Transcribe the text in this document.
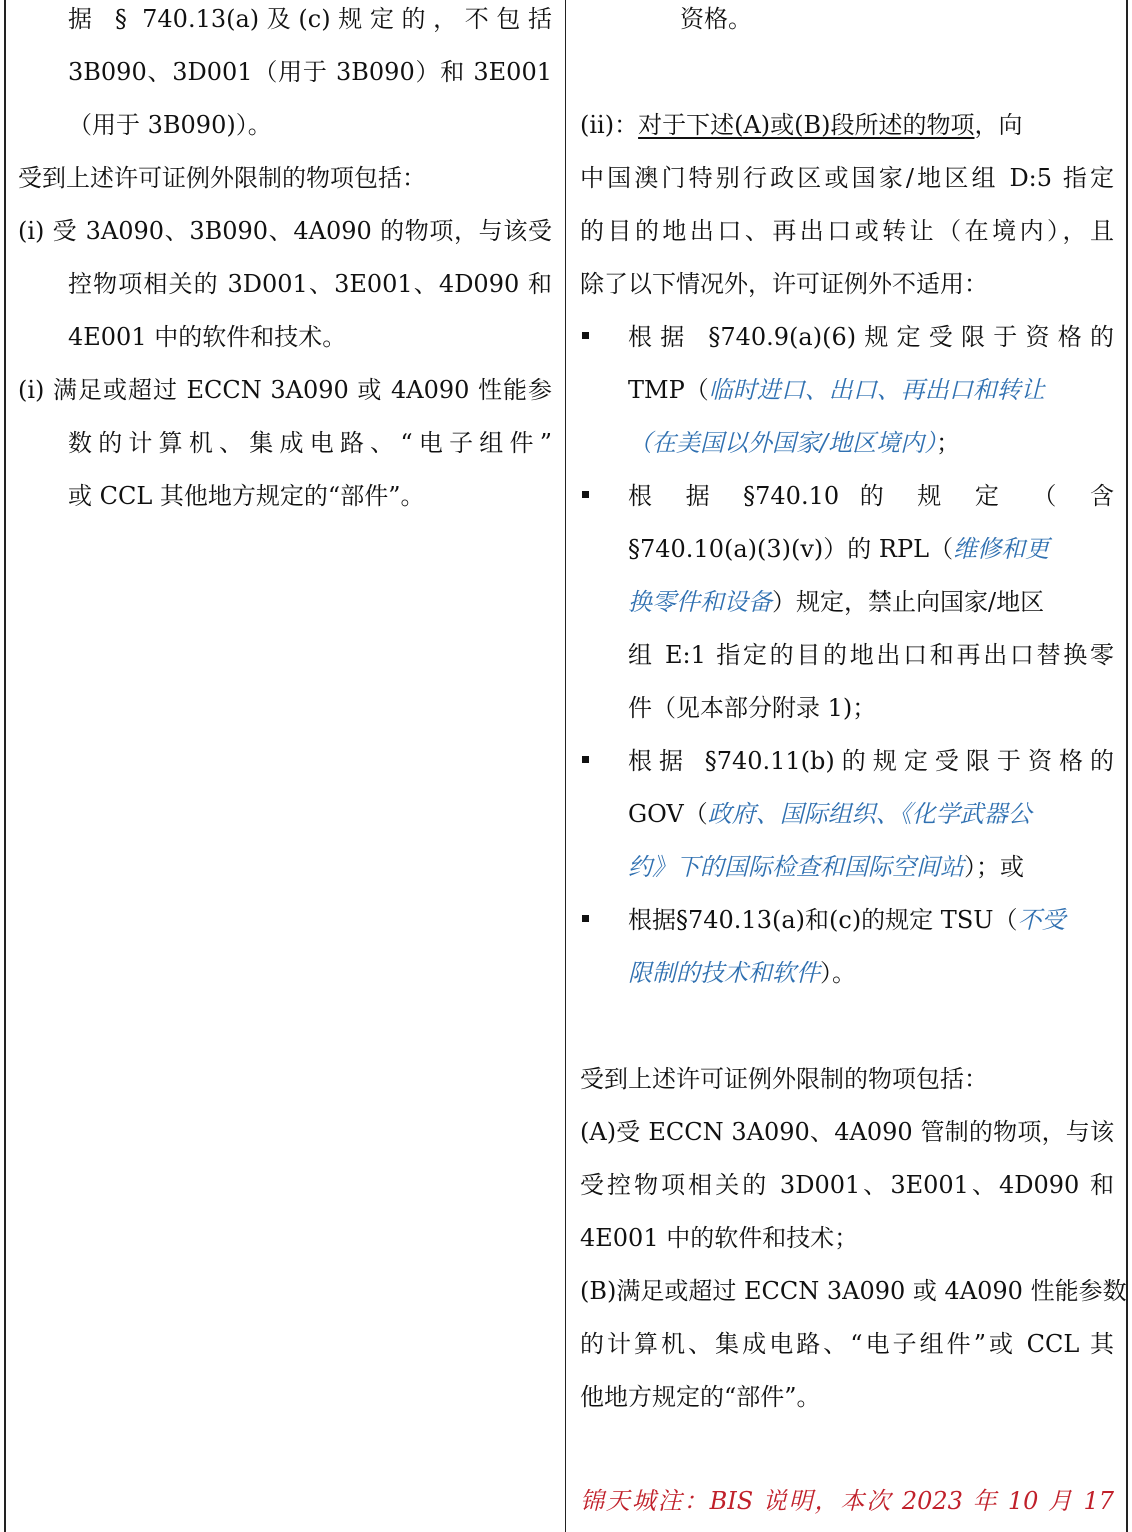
据 § 740.13(a)及(c)规定的，不包括
3B090、3D001（用于 3B090）和 3E001
（用于 3B090)）。
受到上述许可证例外限制的物项包括：
(i) 受 3A090、3B090、4A090 的物项，与该受
控物项相关的 3D001、3E001、4D090 和
4E001 中的软件和技术。
(i) 满足或超过 ECCN 3A090 或 4A090 性能参
数的计算机、集成电路、“电子组件”
或 CCL 其他地方规定的“部件”。
资格。
(ii)：对于下述(A)或(B)段所述的物项，向
中国澳门特别行政区或国家/地区组 D:5 指定
的目的地出口、再出口或转让（在境内），且
除了以下情况外，许可证例外不适用：
根据 §740.9(a)(6)规定受限于资格的
TMP（临时进口、出口、再出口和转让
（在美国以外国家/地区境内）；
根 据 §740.10 的 规 定 （ 含
§740.10(a)(3)(v)）的 RPL（维修和更
换零件和设备）规定，禁止向国家/地区
组 E:1 指定的目的地出口和再出口替换零
件（见本部分附录 1)；
根据 §740.11(b)的规定受限于资格的
GOV（政府、国际组织、《化学武器公
约》下的国际检查和国际空间站）；或
根据§740.13(a)和(c)的规定 TSU（不受
限制的技术和软件）。
受到上述许可证例外限制的物项包括：
(A)受 ECCN 3A090、4A090 管制的物项，与该
受控物项相关的 3D001、3E001、4D090 和
4E001 中的软件和技术；
(B)满足或超过 ECCN 3A090 或 4A090 性能参数
的计算机、集成电路、“电子组件”或 CCL 其
他地方规定的“部件”。
锦天城注：BIS 说明，本次 2023 年 10 月 17
